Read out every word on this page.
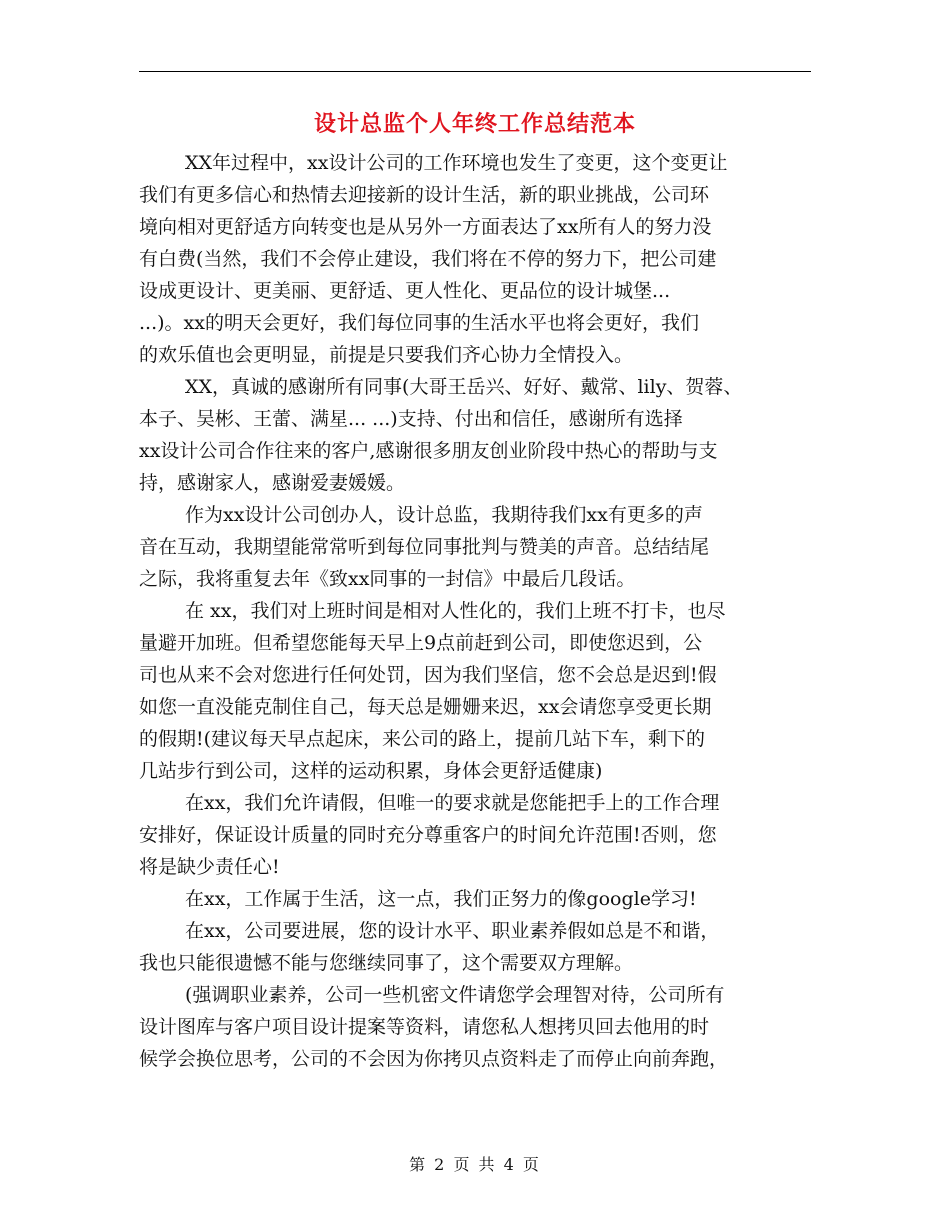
设计总监个人年终工作总结范本
XX年过程中，xx设计公司的工作环境也发生了变更，这个变更让
我们有更多信心和热情去迎接新的设计生活，新的职业挑战，公司环
境向相对更舒适方向转变也是从另外一方面表达了xx所有人的努力没
有白费(当然，我们不会停止建设，我们将在不停的努力下，把公司建
设成更设计、更美丽、更舒适、更人性化、更品位的设计城堡...
...)。xx的明天会更好，我们每位同事的生活水平也将会更好，我们
的欢乐值也会更明显，前提是只要我们齐心协力全情投入。
XX，真诚的感谢所有同事(大哥王岳兴、好好、戴常、lily、贺蓉、
本子、吴彬、王蕾、满星... ...)支持、付出和信任，感谢所有选择
xx设计公司合作往来的客户,感谢很多朋友创业阶段中热心的帮助与支
持，感谢家人，感谢爱妻媛媛。
作为xx设计公司创办人，设计总监，我期待我们xx有更多的声
音在互动，我期望能常常听到每位同事批判与赞美的声音。总结结尾
之际，我将重复去年《致xx同事的一封信》中最后几段话。
在 xx，我们对上班时间是相对人性化的，我们上班不打卡，也尽
量避开加班。但希望您能每天早上9点前赶到公司，即使您迟到，公
司也从来不会对您进行任何处罚，因为我们坚信，您不会总是迟到!假
如您一直没能克制住自己，每天总是姗姗来迟，xx会请您享受更长期
的假期!(建议每天早点起床，来公司的路上，提前几站下车，剩下的
几站步行到公司，这样的运动积累，身体会更舒适健康)
在xx，我们允许请假，但唯一的要求就是您能把手上的工作合理
安排好，保证设计质量的同时充分尊重客户的时间允许范围!否则，您
将是缺少责任心!
在xx，工作属于生活，这一点，我们正努力的像google学习!
在xx，公司要进展，您的设计水平、职业素养假如总是不和谐，
我也只能很遗憾不能与您继续同事了，这个需要双方理解。
(强调职业素养，公司一些机密文件请您学会理智对待，公司所有
设计图库与客户项目设计提案等资料，请您私人想拷贝回去他用的时
候学会换位思考，公司的不会因为你拷贝点资料走了而停止向前奔跑，
第 2 页 共 4 页
